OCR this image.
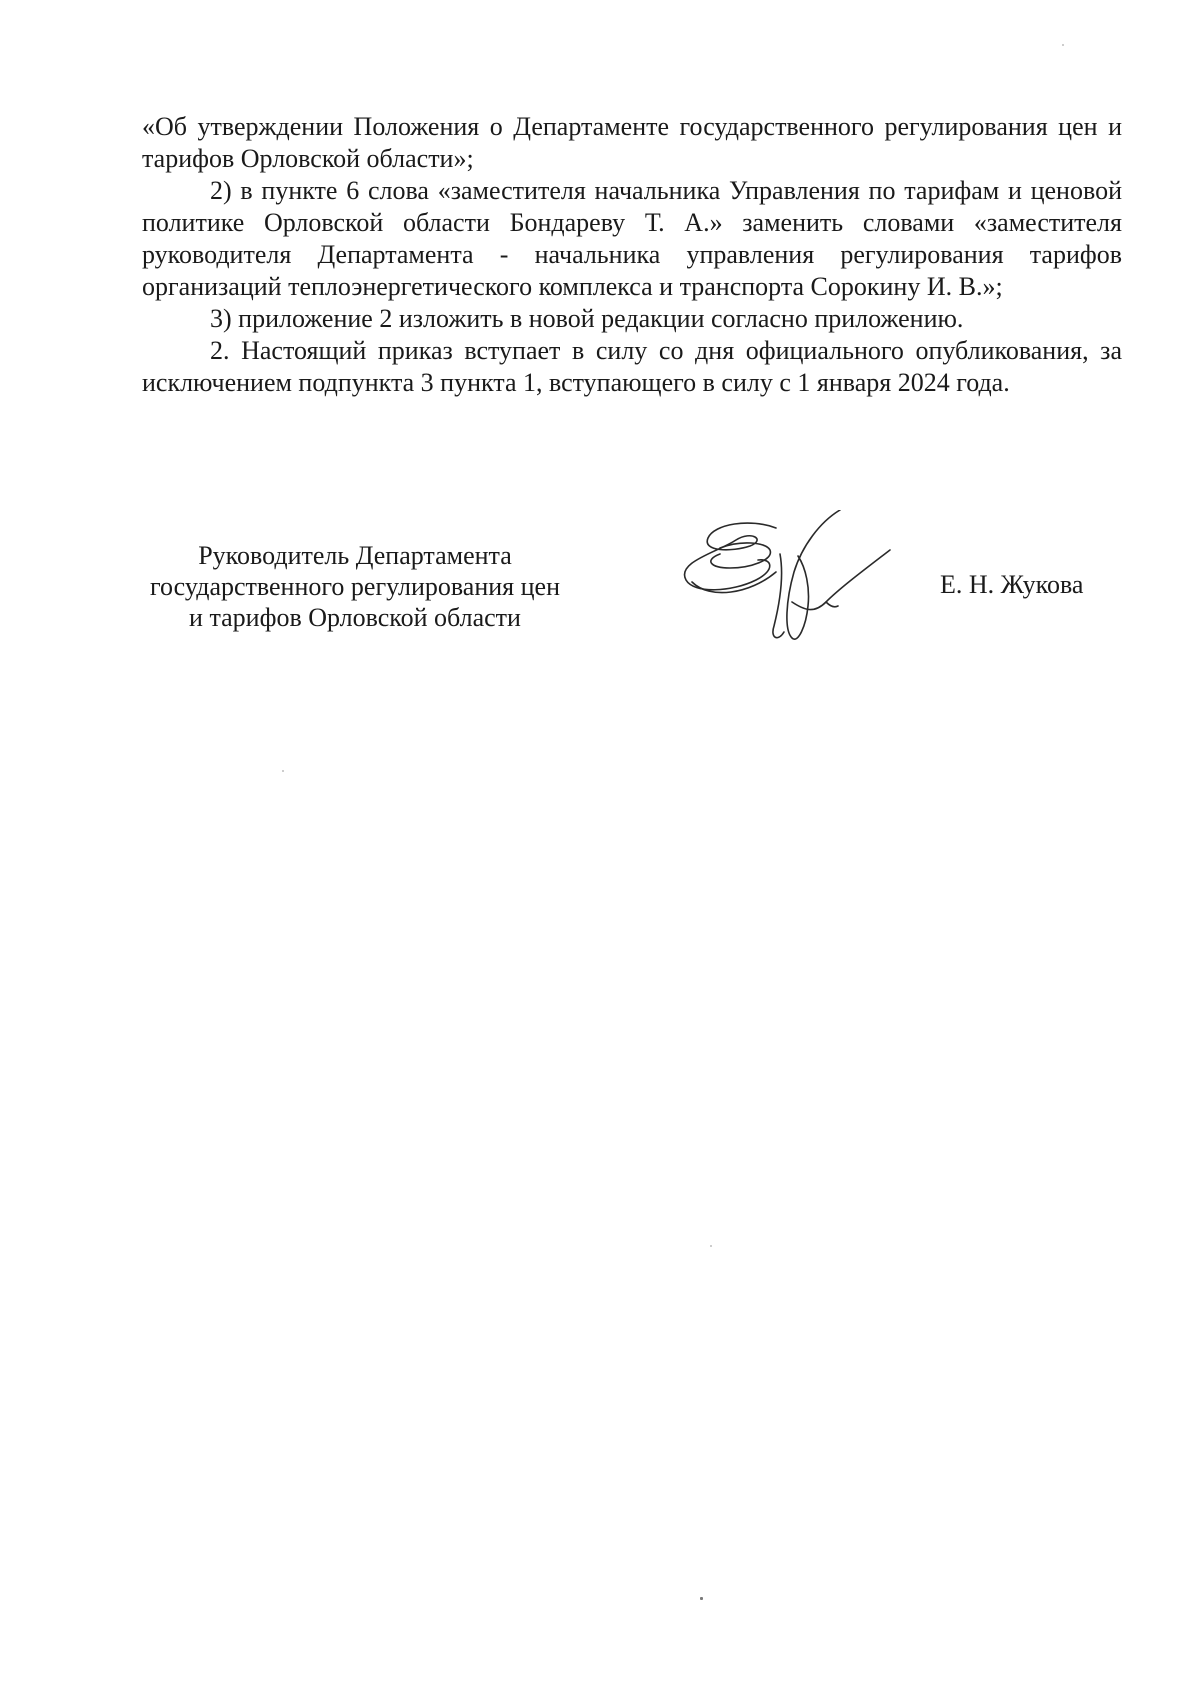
«Об утверждении Положения о Департаменте государственного регулирования цен и тарифов Орловской области»;

2) в пункте 6 слова «заместителя начальника Управления по тарифам и ценовой политике Орловской области Бондареву Т. А.» заменить словами «заместителя руководителя Департамента - начальника управления регулирования тарифов организаций теплоэнергетического комплекса и транспорта Сорокину И. В.»;

3) приложение 2 изложить в новой редакции согласно приложению.

2. Настоящий приказ вступает в силу со дня официального опубликования, за исключением подпункта 3 пункта 1, вступающего в силу с 1 января 2024 года.

Руководитель Департамента
государственного регулирования цен
и тарифов Орловской области
Е. Н. Жукова
